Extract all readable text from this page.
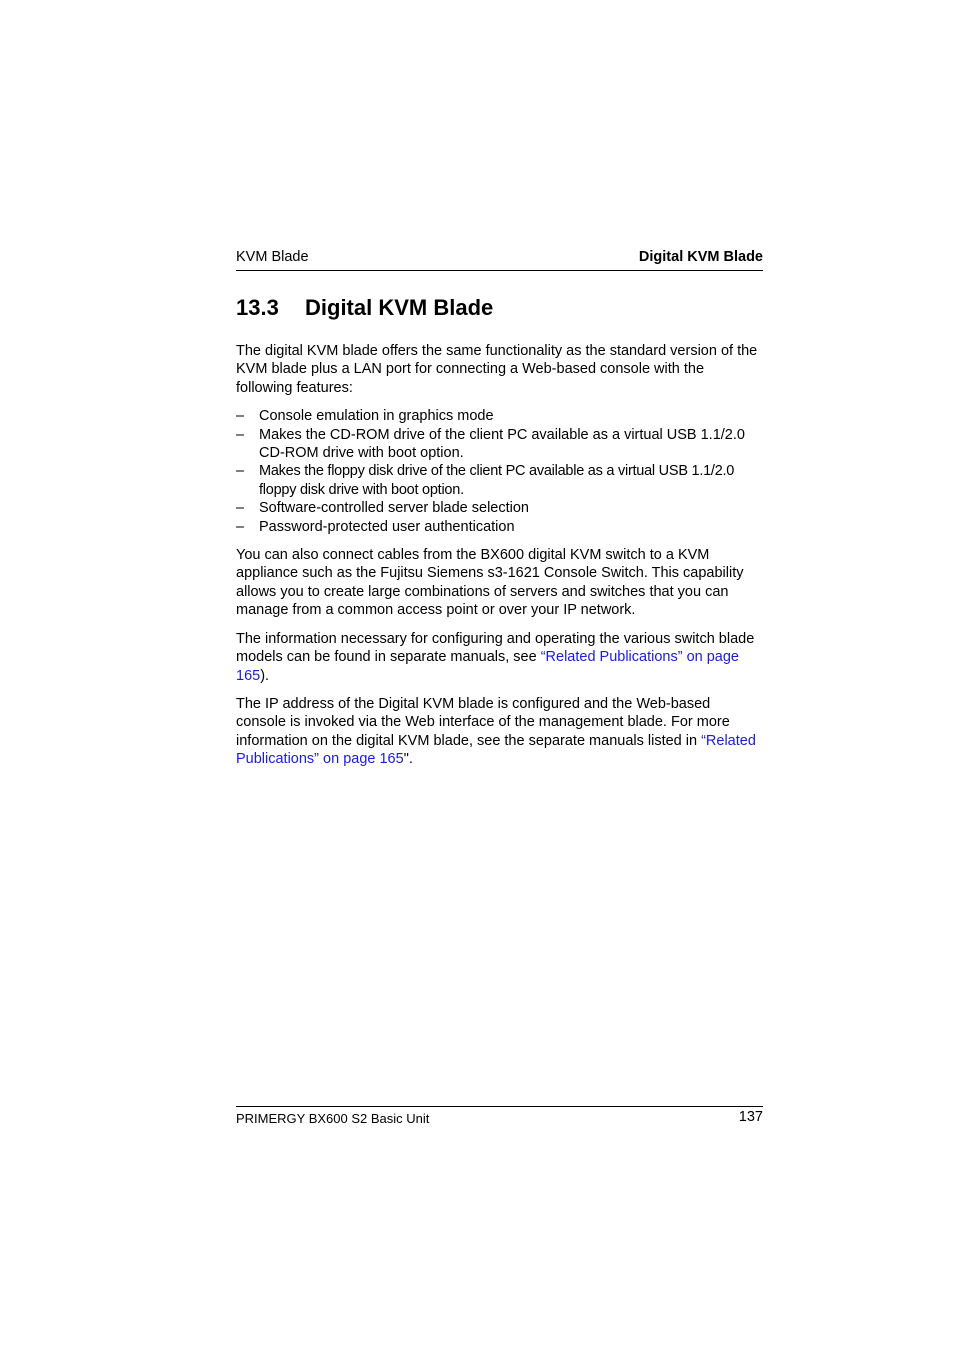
KVM Blade	Digital KVM Blade
13.3 Digital KVM Blade

The digital KVM blade offers the same functionality as the standard version of the KVM blade plus a LAN port for connecting a Web-based console with the following features:

– Console emulation in graphics mode
– Makes the CD-ROM drive of the client PC available as a virtual USB 1.1/2.0 CD-ROM drive with boot option.
– Makes the floppy disk drive of the client PC available as a virtual USB 1.1/2.0 floppy disk drive with boot option.
– Software-controlled server blade selection
– Password-protected user authentication

You can also connect cables from the BX600 digital KVM switch to a KVM appliance such as the Fujitsu Siemens s3-1621 Console Switch. This capability allows you to create large combinations of servers and switches that you can manage from a common access point or over your IP network.

The information necessary for configuring and operating the various switch blade models can be found in separate manuals, see “Related Publications” on page 165).

The IP address of the Digital KVM blade is configured and the Web-based console is invoked via the Web interface of the management blade. For more information on the digital KVM blade, see the separate manuals listed in “Related Publications” on page 165".

PRIMERGY BX600 S2 Basic Unit	137
